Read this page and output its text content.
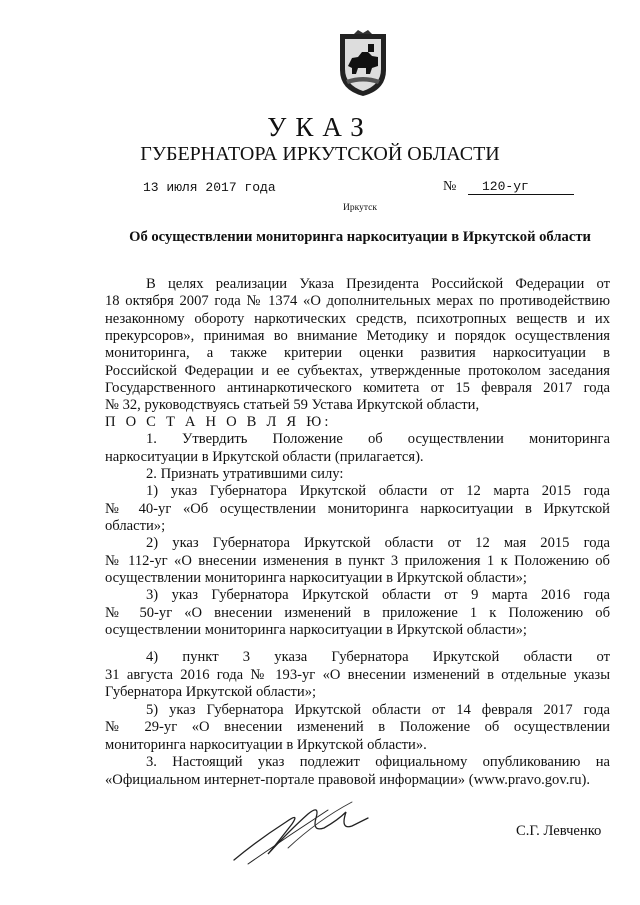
УКАЗ
ГУБЕРНАТОРА ИРКУТСКОЙ ОБЛАСТИ
13 июля 2017 года	№	120-уг
Иркутск
Об осуществлении мониторинга наркоситуации в Иркутской области
В целях реализации Указа Президента Российской Федерации от
18 октября 2007 года № 1374 «О дополнительных мерах по противодействию
незаконному обороту наркотических средств, психотропных веществ и их
прекурсоров», принимая во внимание Методику и порядок осуществления
мониторинга, а также критерии оценки развития наркоситуации в
Российской Федерации и ее субъектах, утвержденные протоколом заседания
Государственного антинаркотического комитета от 15 февраля 2017 года
№ 32, руководствуясь статьей 59 Устава Иркутской области,
П О С Т А Н О В Л Я Ю:
1. Утвердить Положение об осуществлении мониторинга
наркоситуации в Иркутской области (прилагается).
2. Признать утратившими силу:
1) указ Губернатора Иркутской области от 12 марта 2015 года
№ 40-уг «Об осуществлении мониторинга наркоситуации в Иркутской
области»;
2) указ Губернатора Иркутской области от 12 мая 2015 года
№ 112-уг «О внесении изменения в пункт 3 приложения 1 к Положению об
осуществлении мониторинга наркоситуации в Иркутской области»;
3) указ Губернатора Иркутской области от 9 марта 2016 года
№ 50-уг «О внесении изменений в приложение 1 к Положению об
осуществлении мониторинга наркоситуации в Иркутской области»;
4) пункт 3 указа Губернатора Иркутской области от
31 августа 2016 года № 193-уг «О внесении изменений в отдельные указы
Губернатора Иркутской области»;
5) указ Губернатора Иркутской области от 14 февраля 2017 года
№ 29-уг «О внесении изменений в Положение об осуществлении
мониторинга наркоситуации в Иркутской области».
3. Настоящий указ подлежит официальному опубликованию на
«Официальном интернет-портале правовой информации» (www.pravo.gov.ru).
С.Г. Левченко
